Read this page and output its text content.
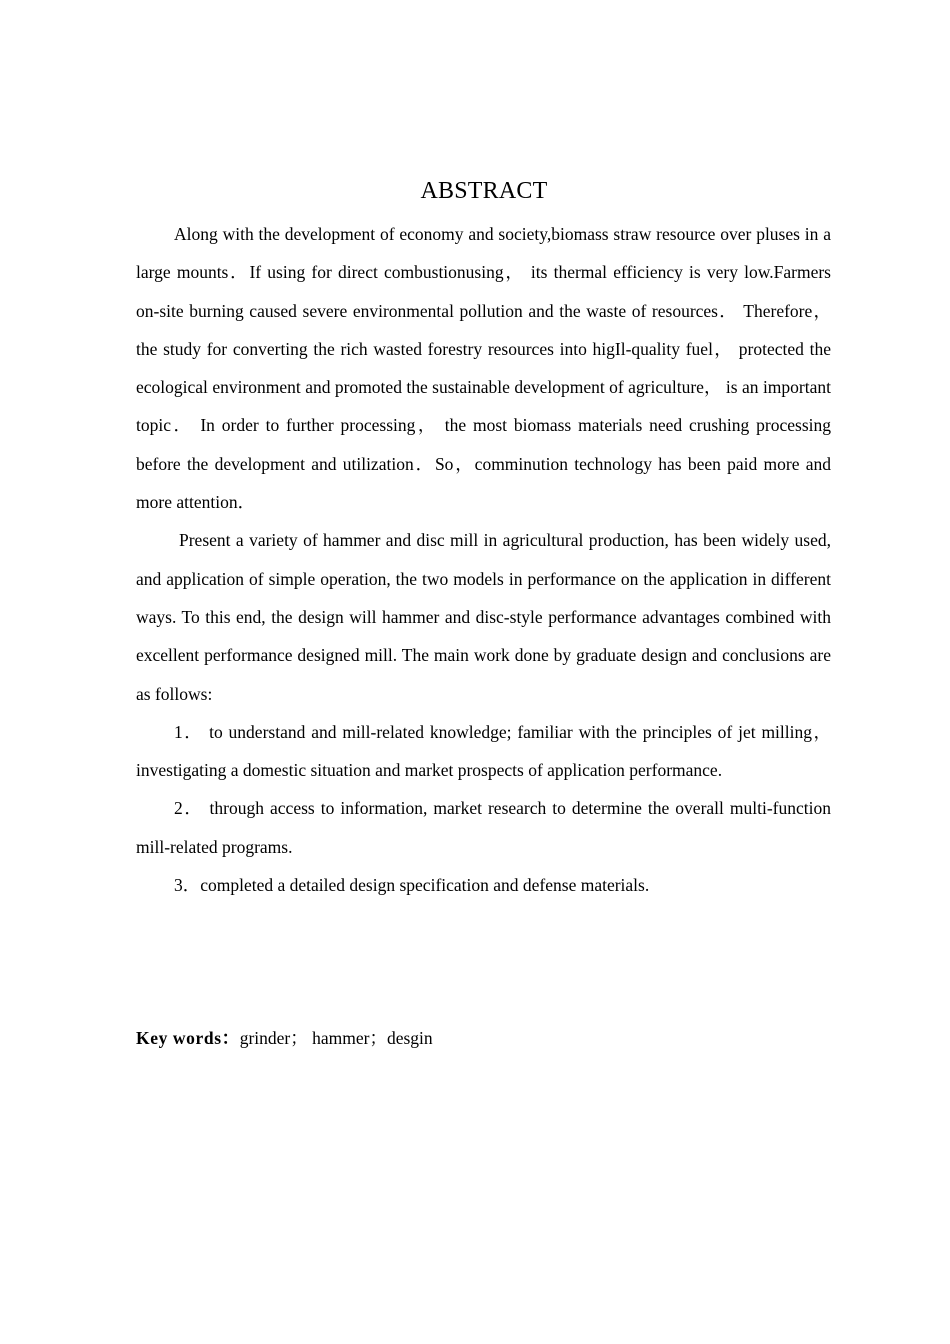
ABSTRACT

Along with the development of economy and society,biomass straw resource over pluses in a large mounts．If using for direct combustionusing， its thermal efficiency is very low.Farmers on-site burning caused severe environmental pollution and the waste of resources． Therefore， the study for converting the rich wasted forestry resources into higIl-quality fuel， protected the ecological environment and promoted the sustainable development of agriculture， is an important topic． In order to further processing， the most biomass materials need crushing processing before the development and utilization．So，comminution technology has been paid more and more attention．

Present a variety of hammer and disc mill in agricultural production, has been widely used, and application of simple operation, the two models in performance on the application in different ways. To this end, the design will hammer and disc-style performance advantages combined with excellent performance designed mill. The main work done by graduate design and conclusions are as follows:

1． to understand and mill-related knowledge; familiar with the principles of jet milling， investigating a domestic situation and market prospects of application performance.

2． through access to information, market research to determine the overall multi-function mill-related programs.

3．completed a detailed design specification and defense materials.

Key words：grinder； hammer；desgin
